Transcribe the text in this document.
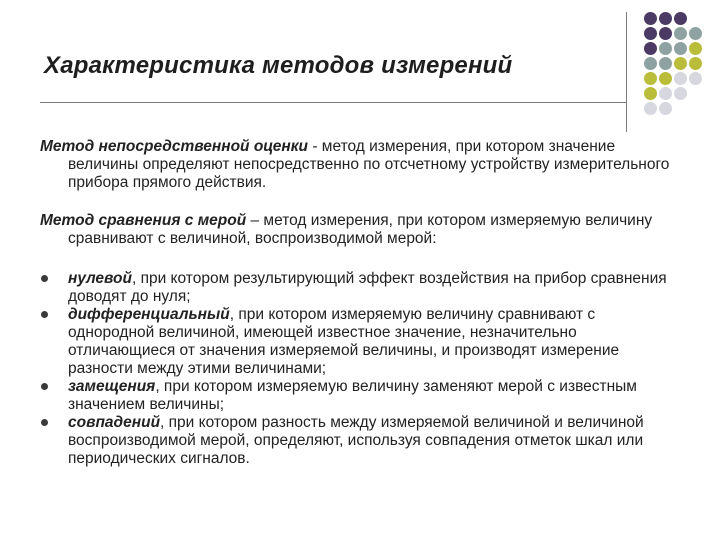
Характеристика методов измерений

Метод непосредственной оценки - метод измерения, при котором значение величины определяют непосредственно по отсчетному устройству измерительного прибора прямого действия.

Метод сравнения с мерой – метод измерения, при котором измеряемую величину сравнивают с величиной, воспроизводимой мерой:

нулевой, при котором результирующий эффект воздействия на прибор сравнения доводят до нуля;
дифференциальный, при котором измеряемую величину сравнивают с однородной величиной, имеющей известное значение, незначительно отличающиеся от значения измеряемой величины, и производят измерение разности между этими величинами;
замещения, при котором измеряемую величину заменяют мерой с известным значением величины;
совпадений, при котором разность между измеряемой величиной и величиной воспроизводимой мерой, определяют, используя совпадения отметок шкал или периодических сигналов.
